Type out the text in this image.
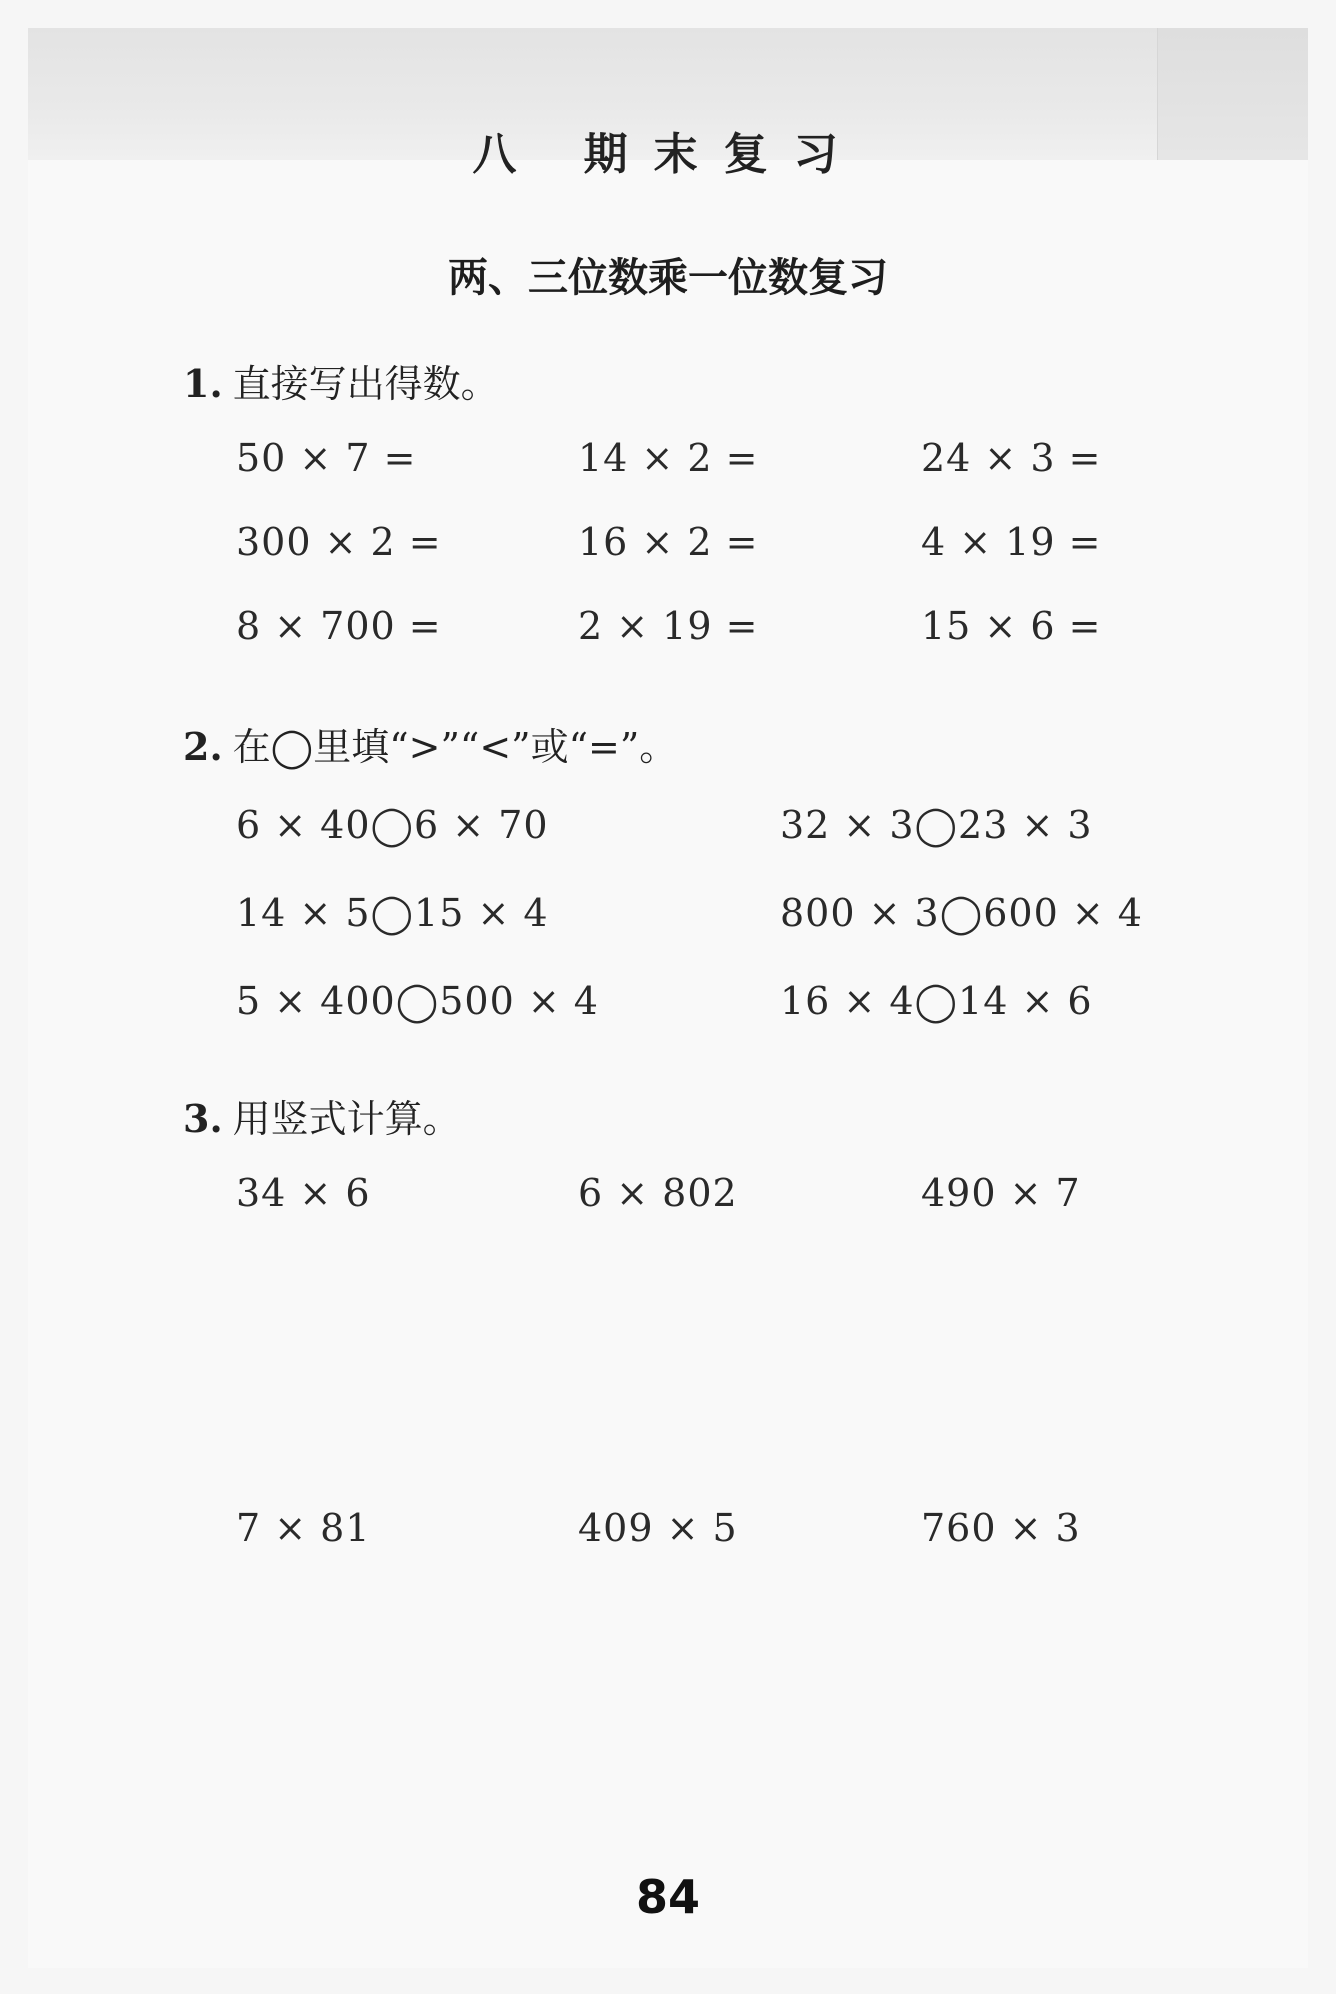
八 期末复习
两、三位数乘一位数复习
1. 直接写出得数。
50 × 7 =	14 × 2 =	24 × 3 =
300 × 2 =	16 × 2 =	4 × 19 =
8 × 700 =	2 × 19 =	15 × 6 =
2. 在◯里填“>”“<”或“=”。
6 × 40◯6 × 70	32 × 3◯23 × 3
14 × 5◯15 × 4	800 × 3◯600 × 4
5 × 400◯500 × 4	16 × 4◯14 × 6
3. 用竖式计算。
34 × 6	6 × 802	490 × 7
7 × 81	409 × 5	760 × 3
84
